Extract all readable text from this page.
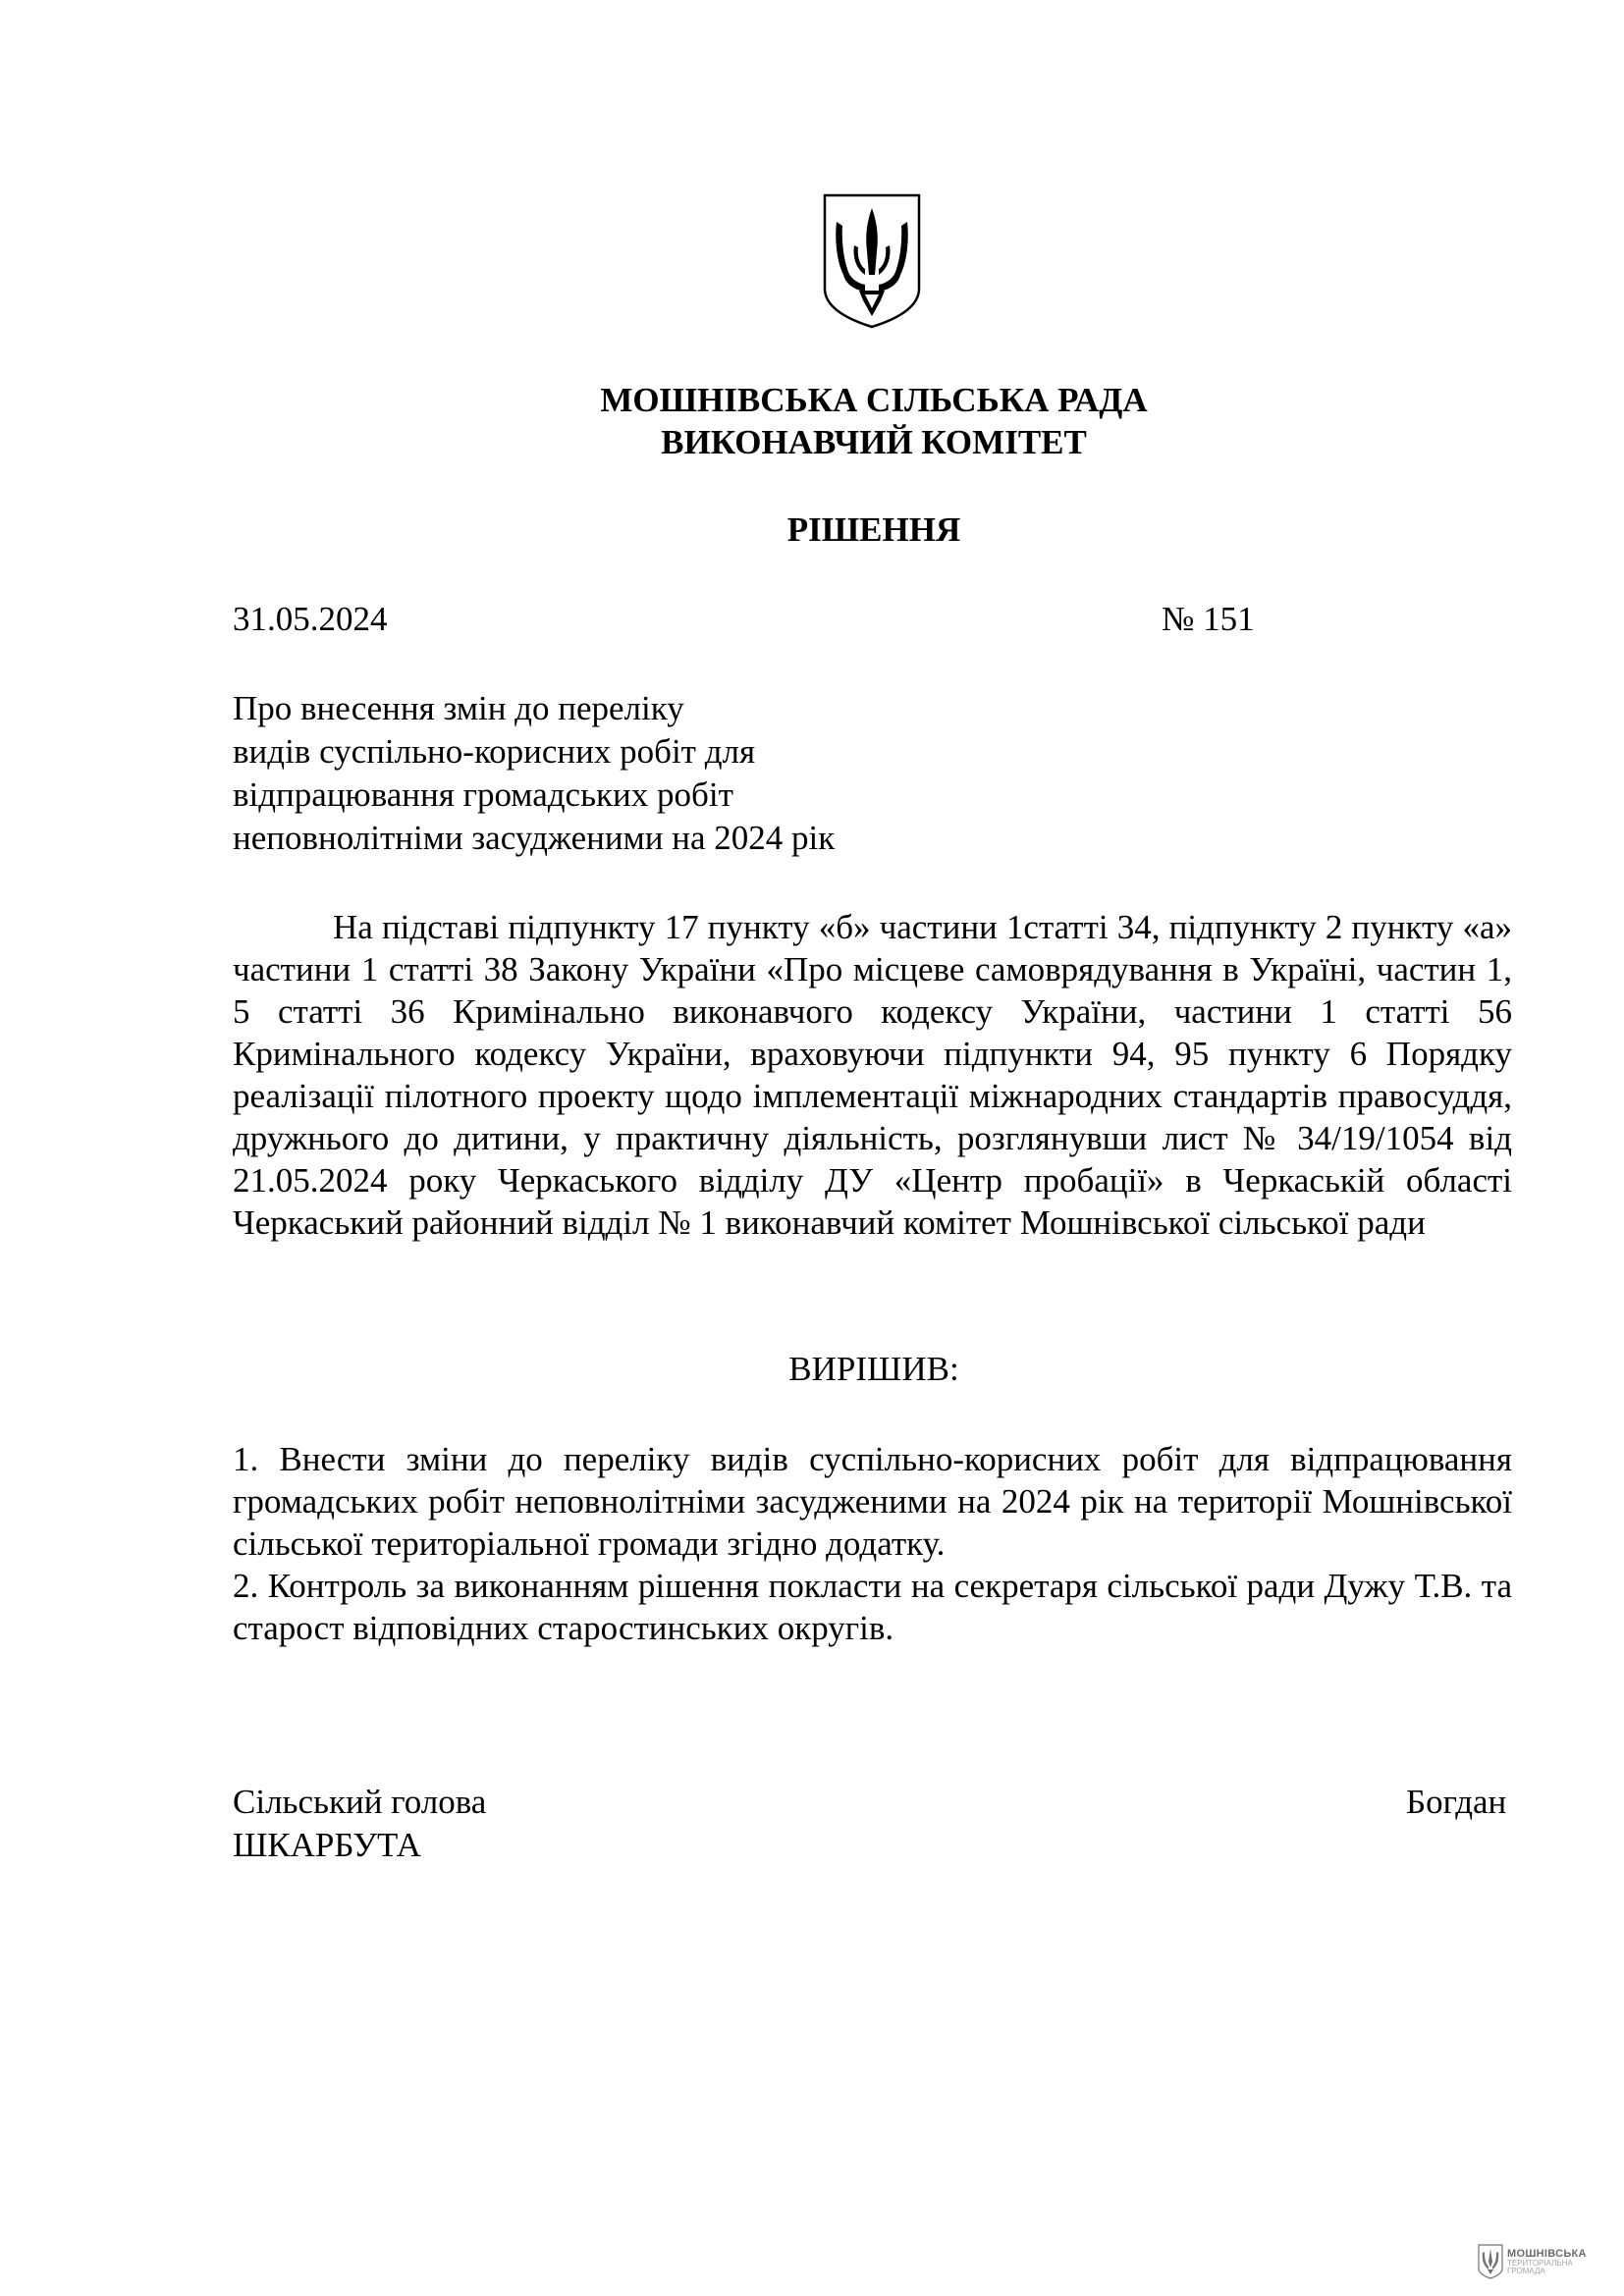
МОШНІВСЬКА СІЛЬСЬКА РАДА
ВИКОНАВЧИЙ КОМІТЕТ
РІШЕННЯ
31.05.2024	№ 151
Про внесення змін до переліку
видів суспільно-корисних робіт для
відпрацювання громадських робіт
неповнолітніми засудженими на 2024 рік

На підставі підпункту 17 пункту «б» частини 1статті 34, підпункту 2 пункту «а» частини 1 статті 38 Закону України «Про місцеве самоврядування в Україні, частин 1, 5 статті 36 Кримінально виконавчого кодексу України, частини 1 статті 56 Кримінального кодексу України, враховуючи підпункти 94, 95 пункту 6 Порядку реалізації пілотного проекту щодо імплементації міжнародних стандартів правосуддя, дружнього до дитини, у практичну діяльність, розглянувши лист № 34/19/1054 від 21.05.2024 року Черкаського відділу ДУ «Центр пробації» в Черкаській області Черкаський районний відділ № 1 виконавчий комітет Мошнівської сільської ради

ВИРІШИВ:

1. Внести зміни до переліку видів суспільно-корисних робіт для відпрацювання громадських робіт неповнолітніми засудженими на 2024 рік на території Мошнівської сільської територіальної громади згідно додатку.

2. Контроль за виконанням рішення покласти на секретаря сільської ради Дужу Т.В. та старост відповідних старостинських округів.

Сільський голова	Богдан
ШКАРБУТА
МОШНІВСЬКА
ТЕРИТОРІАЛЬНА
ГРОМАДА
